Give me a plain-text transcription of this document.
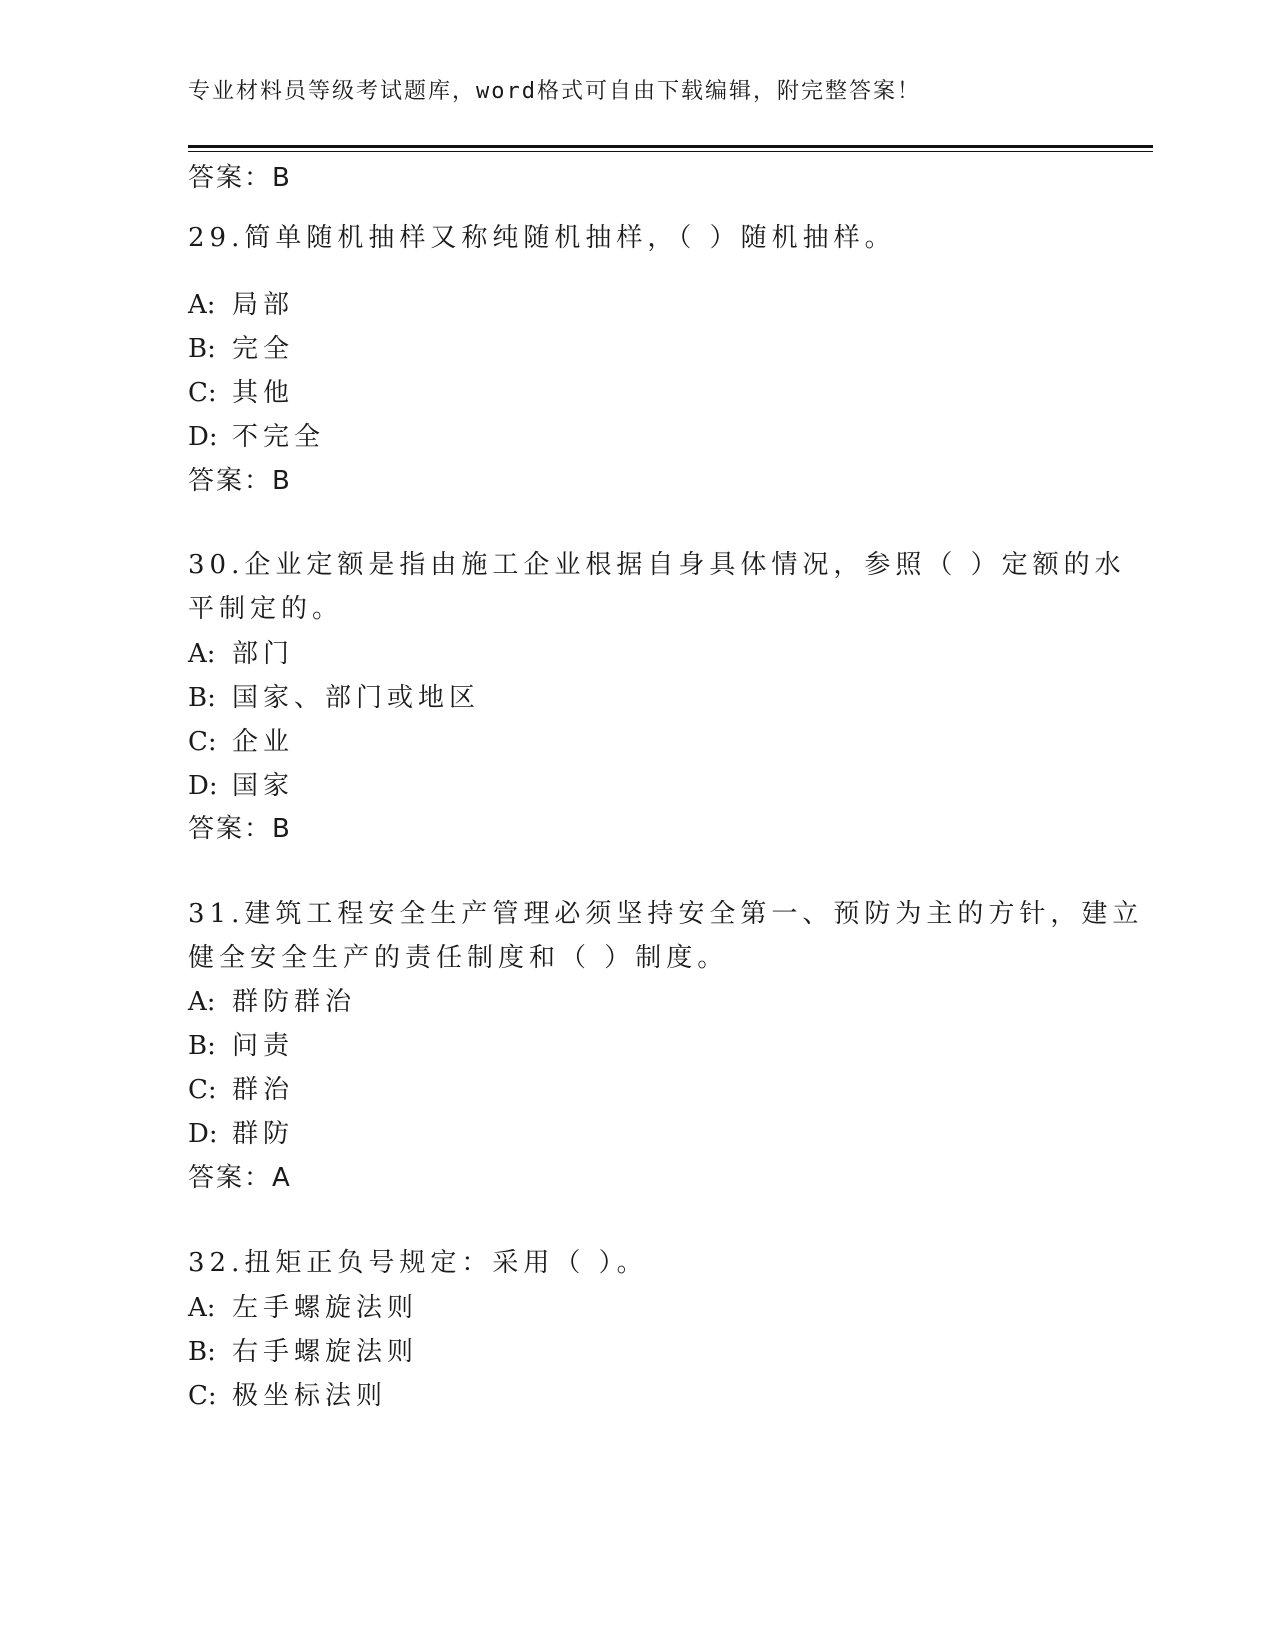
专业材料员等级考试题库，word格式可自由下载编辑，附完整答案！
答案：B
29.简单随机抽样又称纯随机抽样，（ ）随机抽样。
A: 局部
B: 完全
C: 其他
D: 不完全
答案：B
30.企业定额是指由施工企业根据自身具体情况，参照（ ）定额的水
平制定的。
A: 部门
B: 国家、部门或地区
C: 企业
D: 国家
答案：B
31.建筑工程安全生产管理必须坚持安全第一、预防为主的方针，建立
健全安全生产的责任制度和（ ）制度。
A: 群防群治
B: 问责
C: 群治
D: 群防
答案：A
32.扭矩正负号规定：采用（ ）。
A: 左手螺旋法则
B: 右手螺旋法则
C: 极坐标法则
